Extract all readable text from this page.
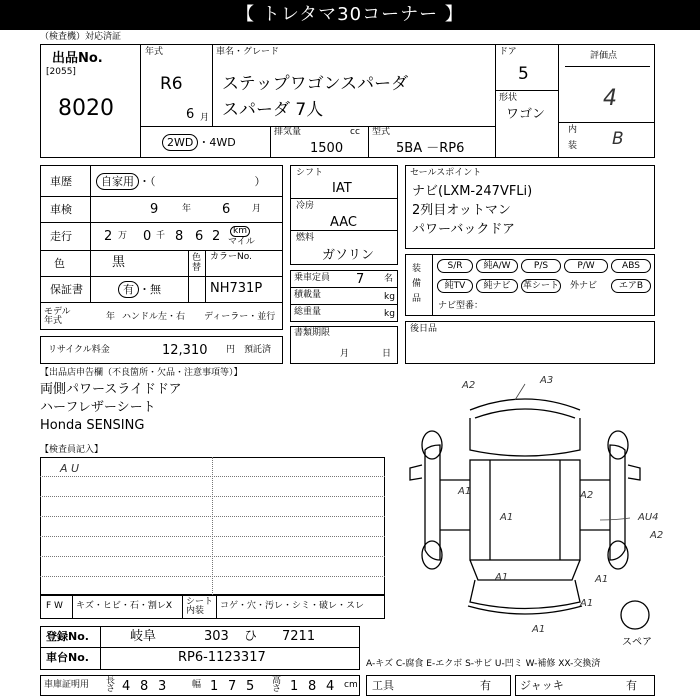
【 トレタマ30コーナー 】
（検査機）対応済証
出品No.
[2055]
8020
年式
R6
6 月
車名・グレード
ステップワゴンスパーダ
スパーダ 7人
ドア
5
形状
ワゴン
評価点
4
内
装 B
2WD ・4WD
排気量	cc
1500
型式
5BA －RP6
車歴	自家用 ・（　　　　　　　　　）
車検	9	年 6 月
走行 2 万 0 千 8 6 2	km
マイル
色	黒	色替
カラーNo.
NH731P
保証書	有 ・無
モデル年式	年 ハンドル 左・右 ディーラー・並行
リサイクル料金	12,310 円 預託済
シフト
IAT
冷房
AAC
燃料
ガソリン
乗車定員 7 名
積載量	kg
総重量	kg
書類期限
月	日
セールスポイント
ナビ(LXM-247VFLi)
2列目オットマン
パワーバックドア
装備品
S/R	純A/W	P/S	P/W	ABS
純TV	純ナビ	革シート 外ナビ	エアB
ナビ型番：
後日品
【出品店申告欄（不良箇所・欠品・注意事項等）】
両側パワースライドドア
ハーフレザーシート
Honda SENSING
【検査員記入】
A U
F W キズ・ヒビ・石・割レX シート内装	コゲ・穴・汚レ・シミ・破レ・スレ
登録No.	岐阜	303 ひ 7211
車台No.	RP6-1123317
車庫証明用 長さ 4 8 3	幅 1 7 5 高さ 1 8 4 cm
A-キズ C-腐食 E-エクボ S-サビ U-凹ミ W-補修 XX-交換済
工具	有	ジャッキ	有
A2	A3
A1	A2
A1
A1
AU4
A2
A1
A1
A1
スペア
